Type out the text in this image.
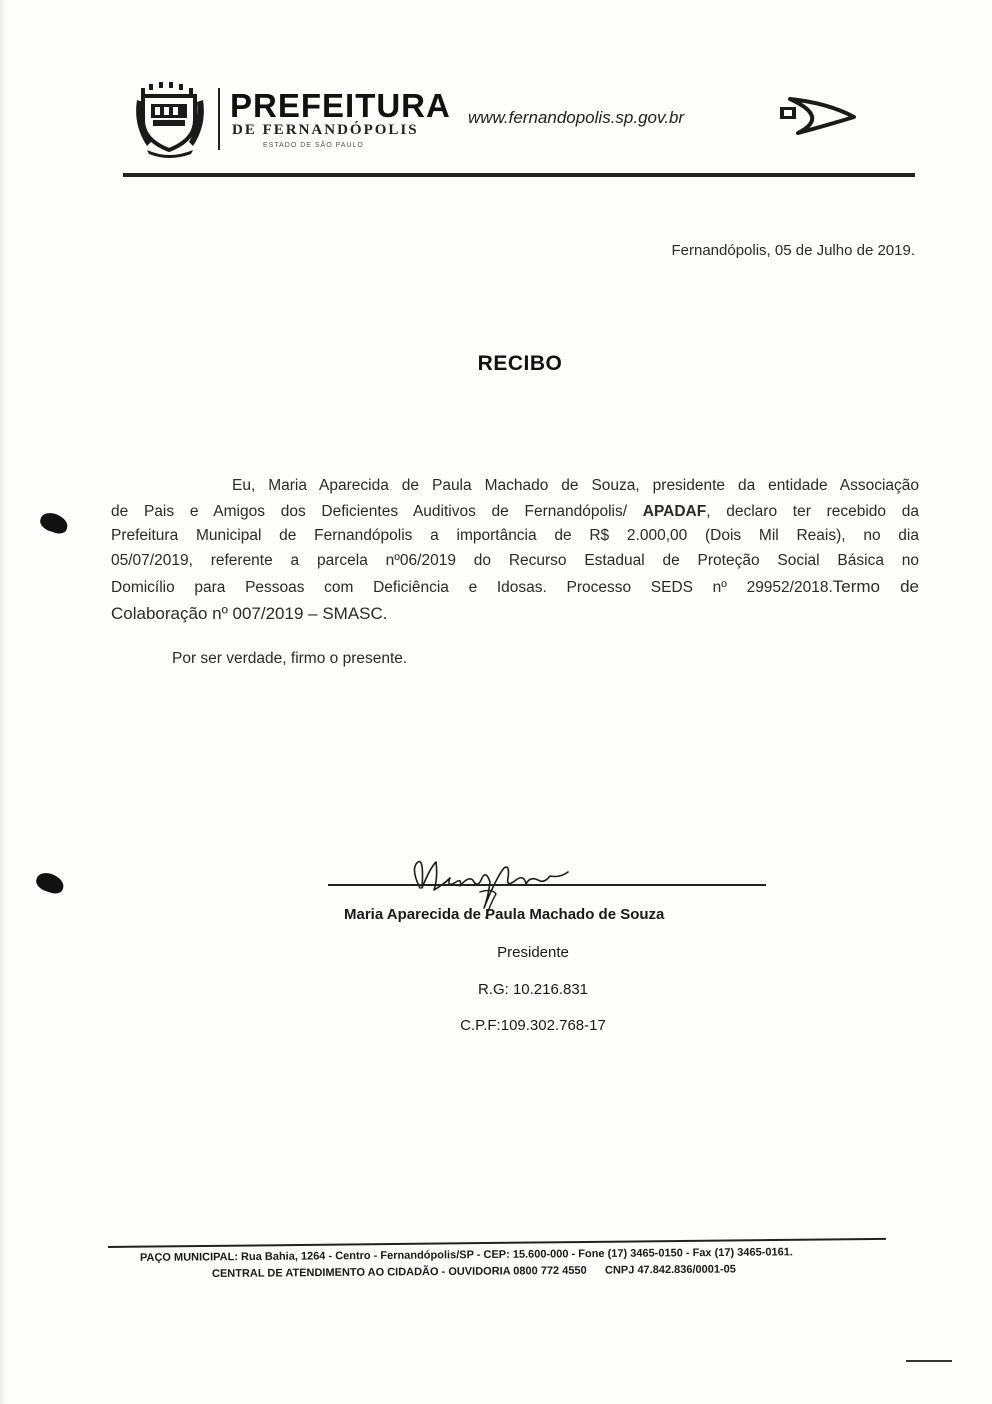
PREFEITURA
DE FERNANDÓPOLIS
ESTADO DE SÃO PAULO
www.fernandopolis.sp.gov.br
Fernandópolis, 05 de Julho de 2019.
RECIBO
Eu, Maria Aparecida de Paula Machado de Souza, presidente da entidade Associação
de Pais e Amigos dos Deficientes Auditivos de Fernandópolis/ APADAF, declaro ter recebido da
Prefeitura Municipal de Fernandópolis a importância de R$ 2.000,00 (Dois Mil Reais), no dia
05/07/2019, referente a parcela nº06/2019 do Recurso Estadual de Proteção Social Básica no
Domicílio para Pessoas com Deficiência e Idosas. Processo SEDS nº 29952/2018.Termo de
Colaboração nº 007/2019 – SMASC.
Por ser verdade, firmo o presente.
Maria Aparecida de Paula Machado de Souza
Presidente
R.G: 10.216.831
C.P.F:109.302.768-17
PAÇO MUNICIPAL: Rua Bahia, 1264 - Centro - Fernandópolis/SP - CEP: 15.600-000 - Fone (17) 3465-0150 - Fax (17) 3465-0161.
CENTRAL DE ATENDIMENTO AO CIDADÃO - OUVIDORIA 0800 772 4550 CNPJ 47.842.836/0001-05
